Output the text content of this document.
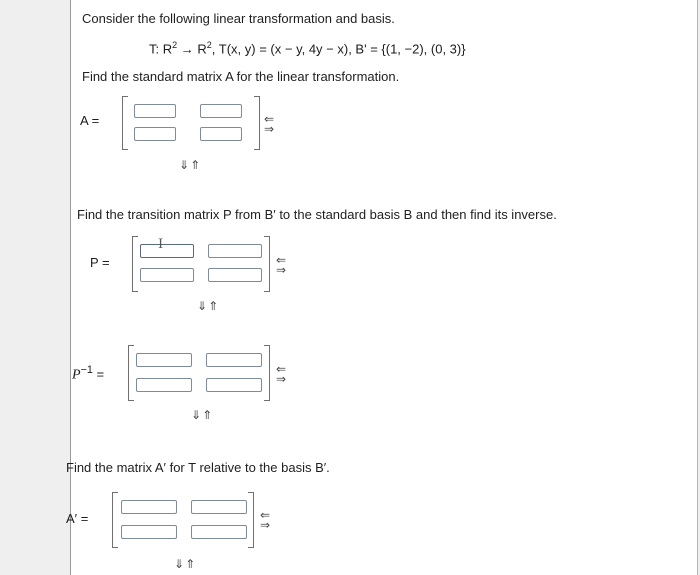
Consider the following linear transformation and basis.
T: $R^2 \to R^2$, T(x, y) = (x − y, 4y − x), B' = {(1, −2), (0, 3)}
Find the standard matrix A for the linear transformation.
A =	⇐
⇒
⇓⇑
Find the transition matrix P from B′ to the standard basis B and then find its inverse.
P =
I
⇐
⇒
⇓⇑
$P^{-1}$ =	⇐
⇒
⇓⇑
Find the matrix A′ for T relative to the basis B′.
A′ =	⇐
⇒
⇓⇑
